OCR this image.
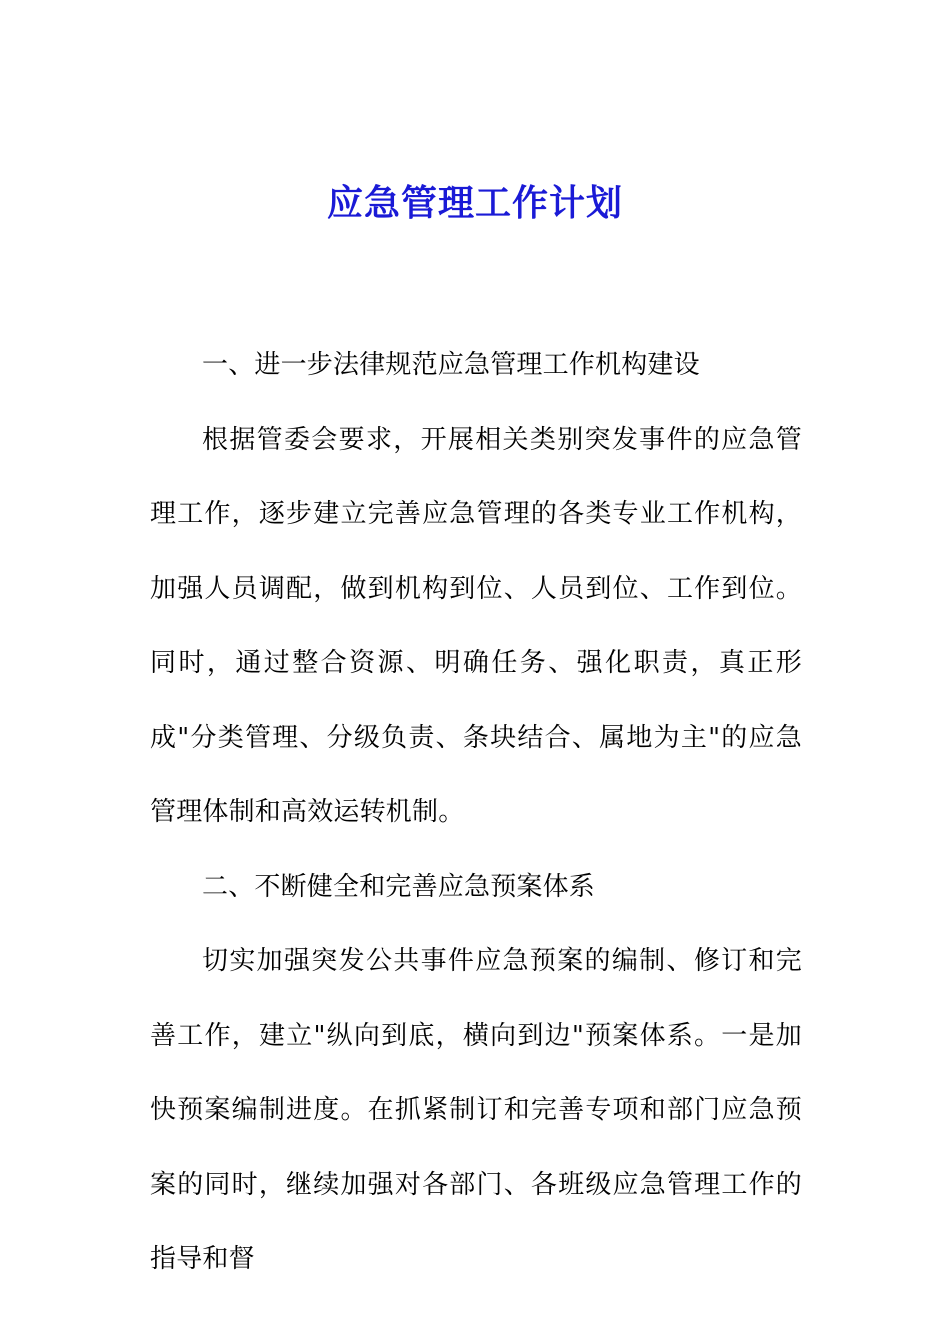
应急管理工作计划

一、进一步法律规范应急管理工作机构建设

根据管委会要求，开展相关类别突发事件的应急管理工作，逐步建立完善应急管理的各类专业工作机构，加强人员调配，做到机构到位、人员到位、工作到位。同时，通过整合资源、明确任务、强化职责，真正形成"分类管理、分级负责、条块结合、属地为主"的应急管理体制和高效运转机制。

二、不断健全和完善应急预案体系

切实加强突发公共事件应急预案的编制、修订和完善工作，建立"纵向到底，横向到边"预案体系。一是加快预案编制进度。在抓紧制订和完善专项和部门应急预案的同时，继续加强对各部门、各班级应急管理工作的指导和督
